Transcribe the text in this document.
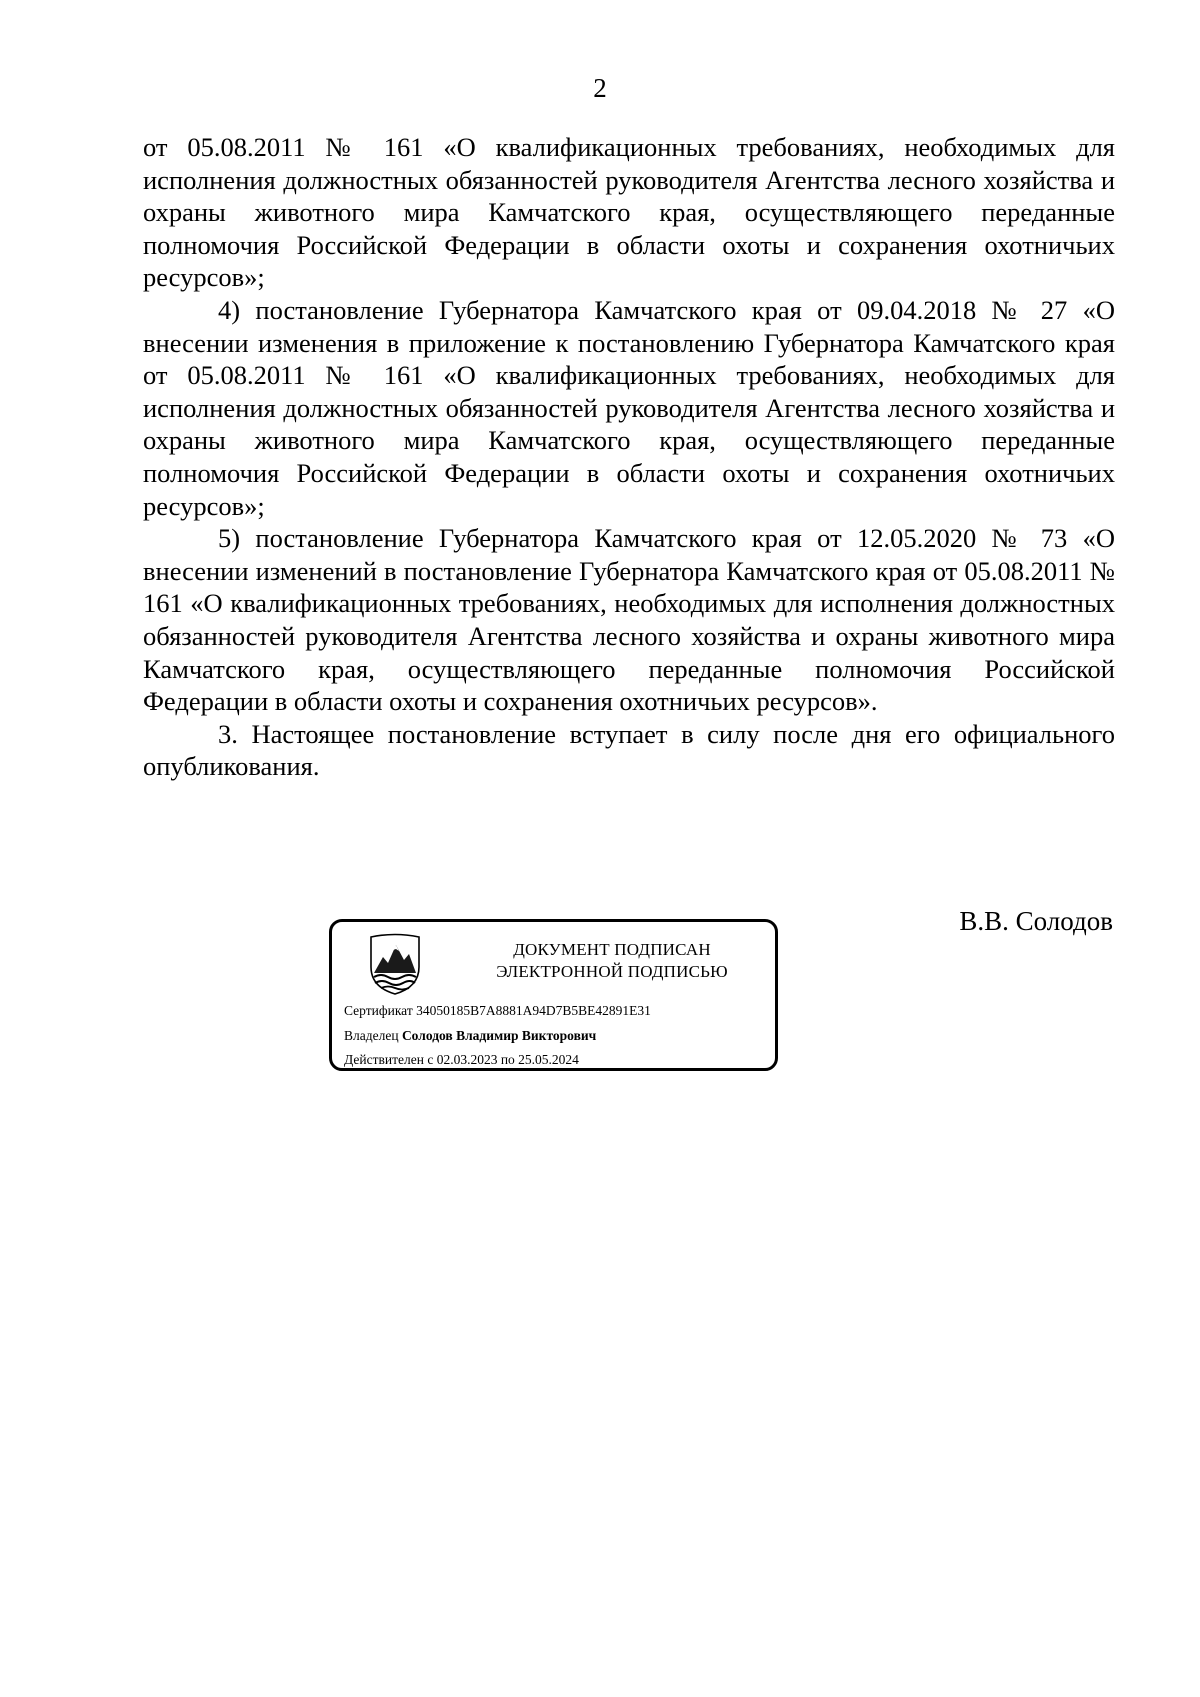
2

от 05.08.2011 № 161 «О квалификационных требованиях, необходимых для исполнения должностных обязанностей руководителя Агентства лесного хозяйства и охраны животного мира Камчатского края, осуществляющего переданные полномочия Российской Федерации в области охоты и сохранения охотничьих ресурсов»;

4) постановление Губернатора Камчатского края от 09.04.2018 № 27 «О внесении изменения в приложение к постановлению Губернатора Камчатского края от 05.08.2011 № 161 «О квалификационных требованиях, необходимых для исполнения должностных обязанностей руководителя Агентства лесного хозяйства и охраны животного мира Камчатского края, осуществляющего переданные полномочия Российской Федерации в области охоты и сохранения охотничьих ресурсов»;

5) постановление Губернатора Камчатского края от 12.05.2020 № 73 «О внесении изменений в постановление Губернатора Камчатского края от 05.08.2011 № 161 «О квалификационных требованиях, необходимых для исполнения должностных обязанностей руководителя Агентства лесного хозяйства и охраны животного мира Камчатского края, осуществляющего переданные полномочия Российской Федерации в области охоты и сохранения охотничьих ресурсов».

3. Настоящее постановление вступает в силу после дня его официального опубликования.

В.В. Солодов
ДОКУМЕНТ ПОДПИСАН
ЭЛЕКТРОННОЙ ПОДПИСЬЮ
Сертификат 34050185B7A8881A94D7B5BE42891E31
Владелец Солодов Владимир Викторович
Действителен с 02.03.2023 по 25.05.2024
